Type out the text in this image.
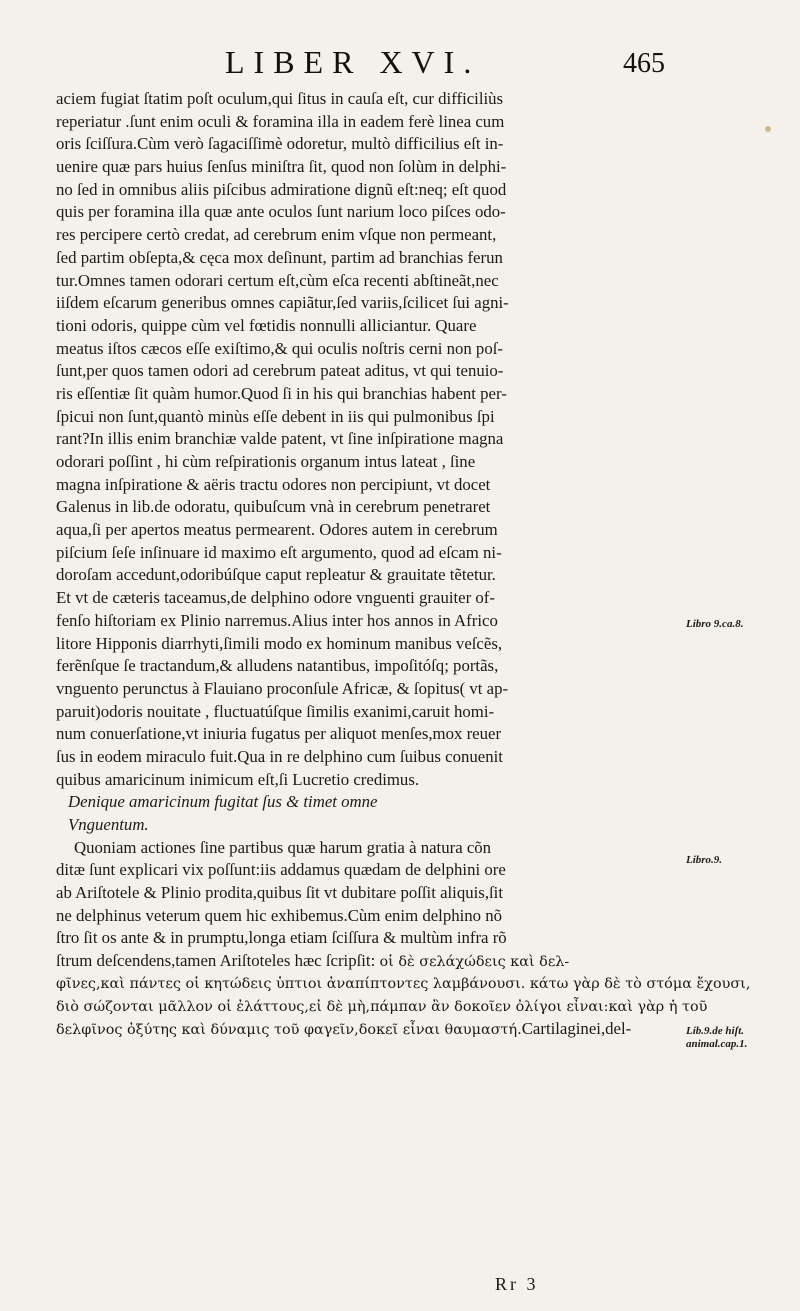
LIBER XVI.	465
aciem fugiat ſtatim poſt oculum,qui ſitus in cauſa eſt, cur difficiliùs
reperiatur .ſunt enim oculi & foramina illa in eadem ferè linea cum
oris ſciſſura.Cùm verò ſagaciſſimè odoretur, multò difficilius eſt in-
uenire quæ pars huius ſenſus miniſtra ſit, quod non ſolùm in delphi-
no ſed in omnibus aliis piſcibus admiratione dignũ eſt:neq; eſt quod
quis per foramina illa quæ ante oculos ſunt narium loco piſces odo-
res percipere certò credat, ad cerebrum enim vſque non permeant,
ſed partim obſepta,& cęca mox deſinunt, partim ad branchias ferun
tur.Omnes tamen odorari certum eſt,cùm eſca recenti abſtineãt,nec
iiſdem eſcarum generibus omnes capiãtur,ſed variis,ſcilicet ſui agni-
tioni odoris, quippe cùm vel fœtidis nonnulli alliciantur. Quare
meatus iſtos cæcos eſſe exiſtimo,& qui oculis noſtris cerni non poſ-
ſunt,per quos tamen odori ad cerebrum pateat aditus, vt qui tenuio-
ris eſſentiæ ſit quàm humor.Quod ſi in his qui branchias habent per-
ſpicui non ſunt,quantò minùs eſſe debent in iis qui pulmonibus ſpi
rant?In illis enim branchiæ valde patent, vt ſine inſpiratione magna
odorari poſſint , hi cùm reſpirationis organum intus lateat , ſine
magna inſpiratione & aëris tractu odores non percipiunt, vt docet
Galenus in lib.de odoratu, quibuſcum vnà in cerebrum penetraret
aqua,ſi per apertos meatus permearent. Odores autem in cerebrum
piſcium ſeſe inſinuare id maximo eſt argumento, quod ad eſcam ni-
doroſam accedunt,odoribúſque caput repleatur & grauitate tẽtetur.
Et vt de cæteris taceamus,de delphino odore vnguenti grauiter of-
fenſo hiſtoriam ex Plinio narremus.Alius inter hos annos in Africo
litore Hipponis diarrhyti,ſimili modo ex hominum manibus veſcẽs,
ferẽnſque ſe tractandum,& alludens natantibus, impoſitóſq; portãs,
vnguento perunctus à Flauiano proconſule Africæ, & ſopitus( vt ap-
paruit)odoris nouitate , fluctuatúſque ſimilis exanimi,caruit homi-
num conuerſatione,vt iniuria fugatus per aliquot menſes,mox reuer
ſus in eodem miraculo fuit.Qua in re delphino cum ſuibus conuenit
quibus amaricinum inimicum eſt,ſi Lucretio credimus.
Denique amaricinum fugitat ſus & timet omne
Vnguentum.
Quoniam actiones ſine partibus quæ harum gratia à natura cõn
ditæ ſunt explicari vix poſſunt:iis addamus quædam de delphini ore
ab Ariſtotele & Plinio prodita,quibus ſit vt dubitare poſſit aliquis,ſit
ne delphinus veterum quem hic exhibemus.Cùm enim delphino nõ
ſtro ſit os ante & in prumptu,longa etiam ſciſſura & multùm infra rõ
ſtrum deſcendens,tamen Ariſtoteles hæc ſcripſit: οἱ δὲ σελάχώδεις καὶ δελ-
φῖνες,καὶ πάντες οἱ κητώδεις ὑπτιοι ἀναπίπτοντες λαμβάνουσι. κάτω γὰρ δὲ τὸ στόμα ἔχουσι,
διὸ σώζονται μᾶλλον οἱ ἐλάττους,εἰ δὲ μὴ,πάμπαν ἂν δοκοῖεν ὀλίγοι εἶναι:καὶ γὰρ ἡ τοῦ
δελφῖνος ὀξύτης καὶ δύναμις τοῦ φαγεῖν,δοκεῖ εἶναι θαυμαστή.Cartilaginei,del-
Libro 9.ca.8.
Libro.9.
Lib.9.de hiſt.
animal.cap.1.
Rr 3
